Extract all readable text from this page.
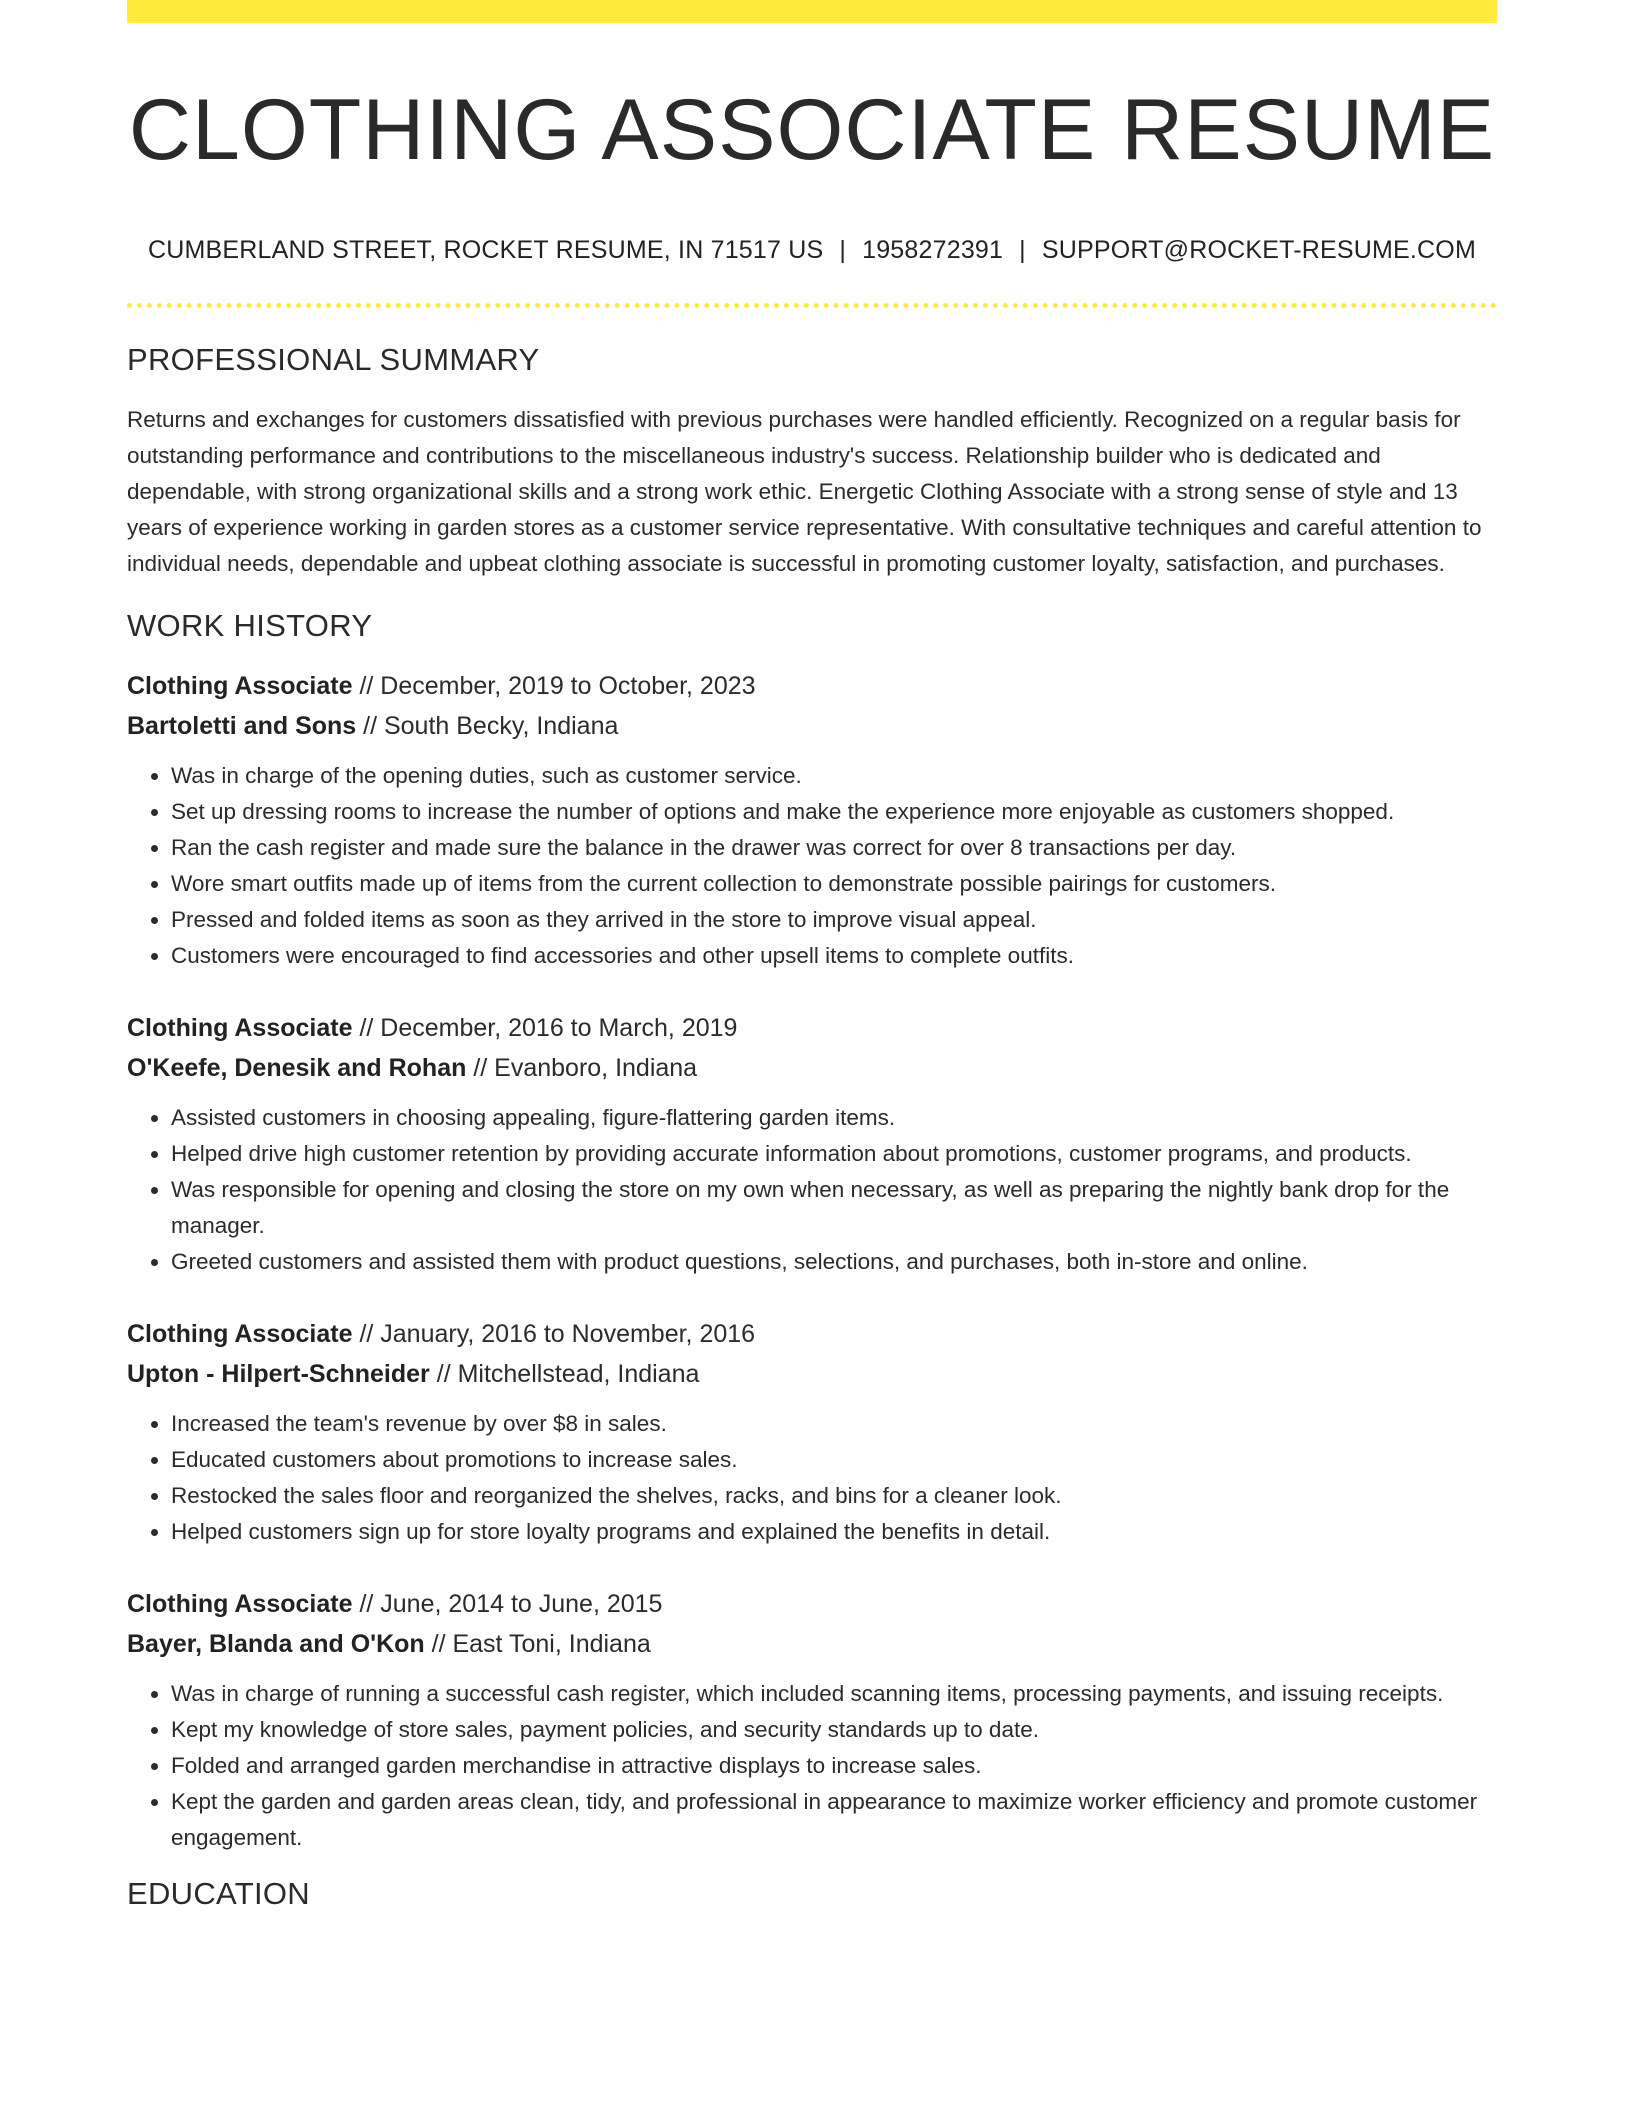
CLOTHING ASSOCIATE RESUME
CUMBERLAND STREET, ROCKET RESUME, IN 71517 US | 1958272391 | SUPPORT@ROCKET-RESUME.COM
PROFESSIONAL SUMMARY

Returns and exchanges for customers dissatisfied with previous purchases were handled efficiently. Recognized on a regular basis for outstanding performance and contributions to the miscellaneous industry's success. Relationship builder who is dedicated and dependable, with strong organizational skills and a strong work ethic. Energetic Clothing Associate with a strong sense of style and 13 years of experience working in garden stores as a customer service representative. With consultative techniques and careful attention to individual needs, dependable and upbeat clothing associate is successful in promoting customer loyalty, satisfaction, and purchases.

WORK HISTORY
Clothing Associate // December, 2019 to October, 2023
Bartoletti and Sons // South Becky, Indiana
• Was in charge of the opening duties, such as customer service.
• Set up dressing rooms to increase the number of options and make the experience more enjoyable as customers shopped.
• Ran the cash register and made sure the balance in the drawer was correct for over 8 transactions per day.
• Wore smart outfits made up of items from the current collection to demonstrate possible pairings for customers.
• Pressed and folded items as soon as they arrived in the store to improve visual appeal.
• Customers were encouraged to find accessories and other upsell items to complete outfits.
Clothing Associate // December, 2016 to March, 2019
O'Keefe, Denesik and Rohan // Evanboro, Indiana
• Assisted customers in choosing appealing, figure-flattering garden items.
• Helped drive high customer retention by providing accurate information about promotions, customer programs, and products.
• Was responsible for opening and closing the store on my own when necessary, as well as preparing the nightly bank drop for the manager.
• Greeted customers and assisted them with product questions, selections, and purchases, both in-store and online.
Clothing Associate // January, 2016 to November, 2016
Upton - Hilpert-Schneider // Mitchellstead, Indiana
• Increased the team's revenue by over $8 in sales.
• Educated customers about promotions to increase sales.
• Restocked the sales floor and reorganized the shelves, racks, and bins for a cleaner look.
• Helped customers sign up for store loyalty programs and explained the benefits in detail.
Clothing Associate // June, 2014 to June, 2015
Bayer, Blanda and O'Kon // East Toni, Indiana
• Was in charge of running a successful cash register, which included scanning items, processing payments, and issuing receipts.
• Kept my knowledge of store sales, payment policies, and security standards up to date.
• Folded and arranged garden merchandise in attractive displays to increase sales.
• Kept the garden and garden areas clean, tidy, and professional in appearance to maximize worker efficiency and promote customer engagement.
EDUCATION
